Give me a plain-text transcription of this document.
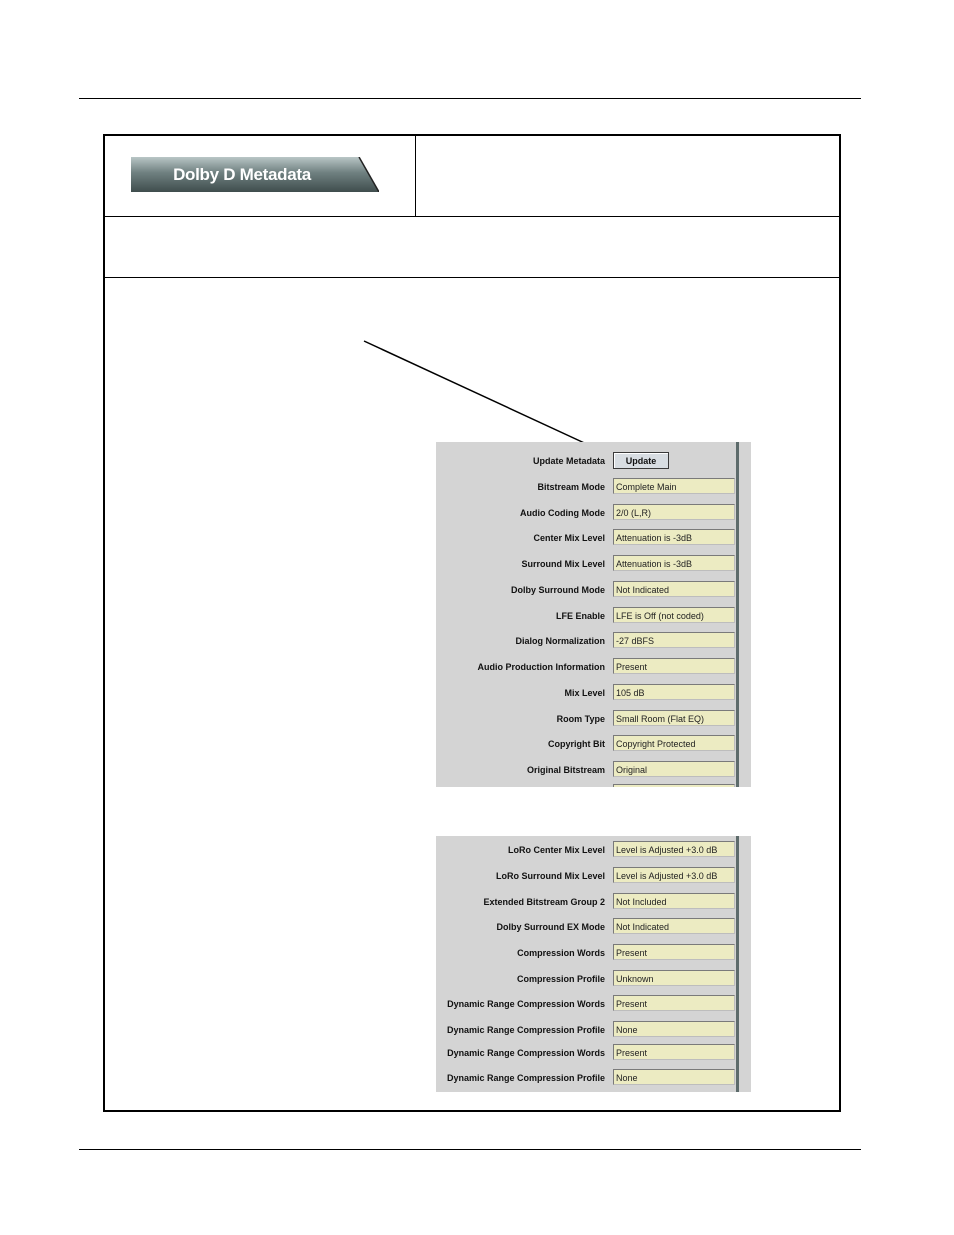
Dolby D Metadata
Update Metadata	Update
Bitstream Mode	Complete Main
Audio Coding Mode	2/0 (L,R)
Center Mix Level	Attenuation is -3dB
Surround Mix Level	Attenuation is -3dB
Dolby Surround Mode	Not Indicated
LFE Enable	LFE is Off (not coded)
Dialog Normalization	-27 dBFS
Audio Production Information	Present
Mix Level	105 dB
Room Type	Small Room (Flat EQ)
Copyright Bit	Copyright Protected
Original Bitstream	Original
LoRo Center Mix Level	Level is Adjusted +3.0 dB
LoRo Surround Mix Level	Level is Adjusted +3.0 dB
Extended Bitstream Group 2	Not Included
Dolby Surround EX Mode	Not Indicated
Compression Words	Present
Compression Profile	Unknown
Dynamic Range Compression Words	Present
Dynamic Range Compression Profile	None
Dynamic Range Compression Words	Present
Dynamic Range Compression Profile	None
